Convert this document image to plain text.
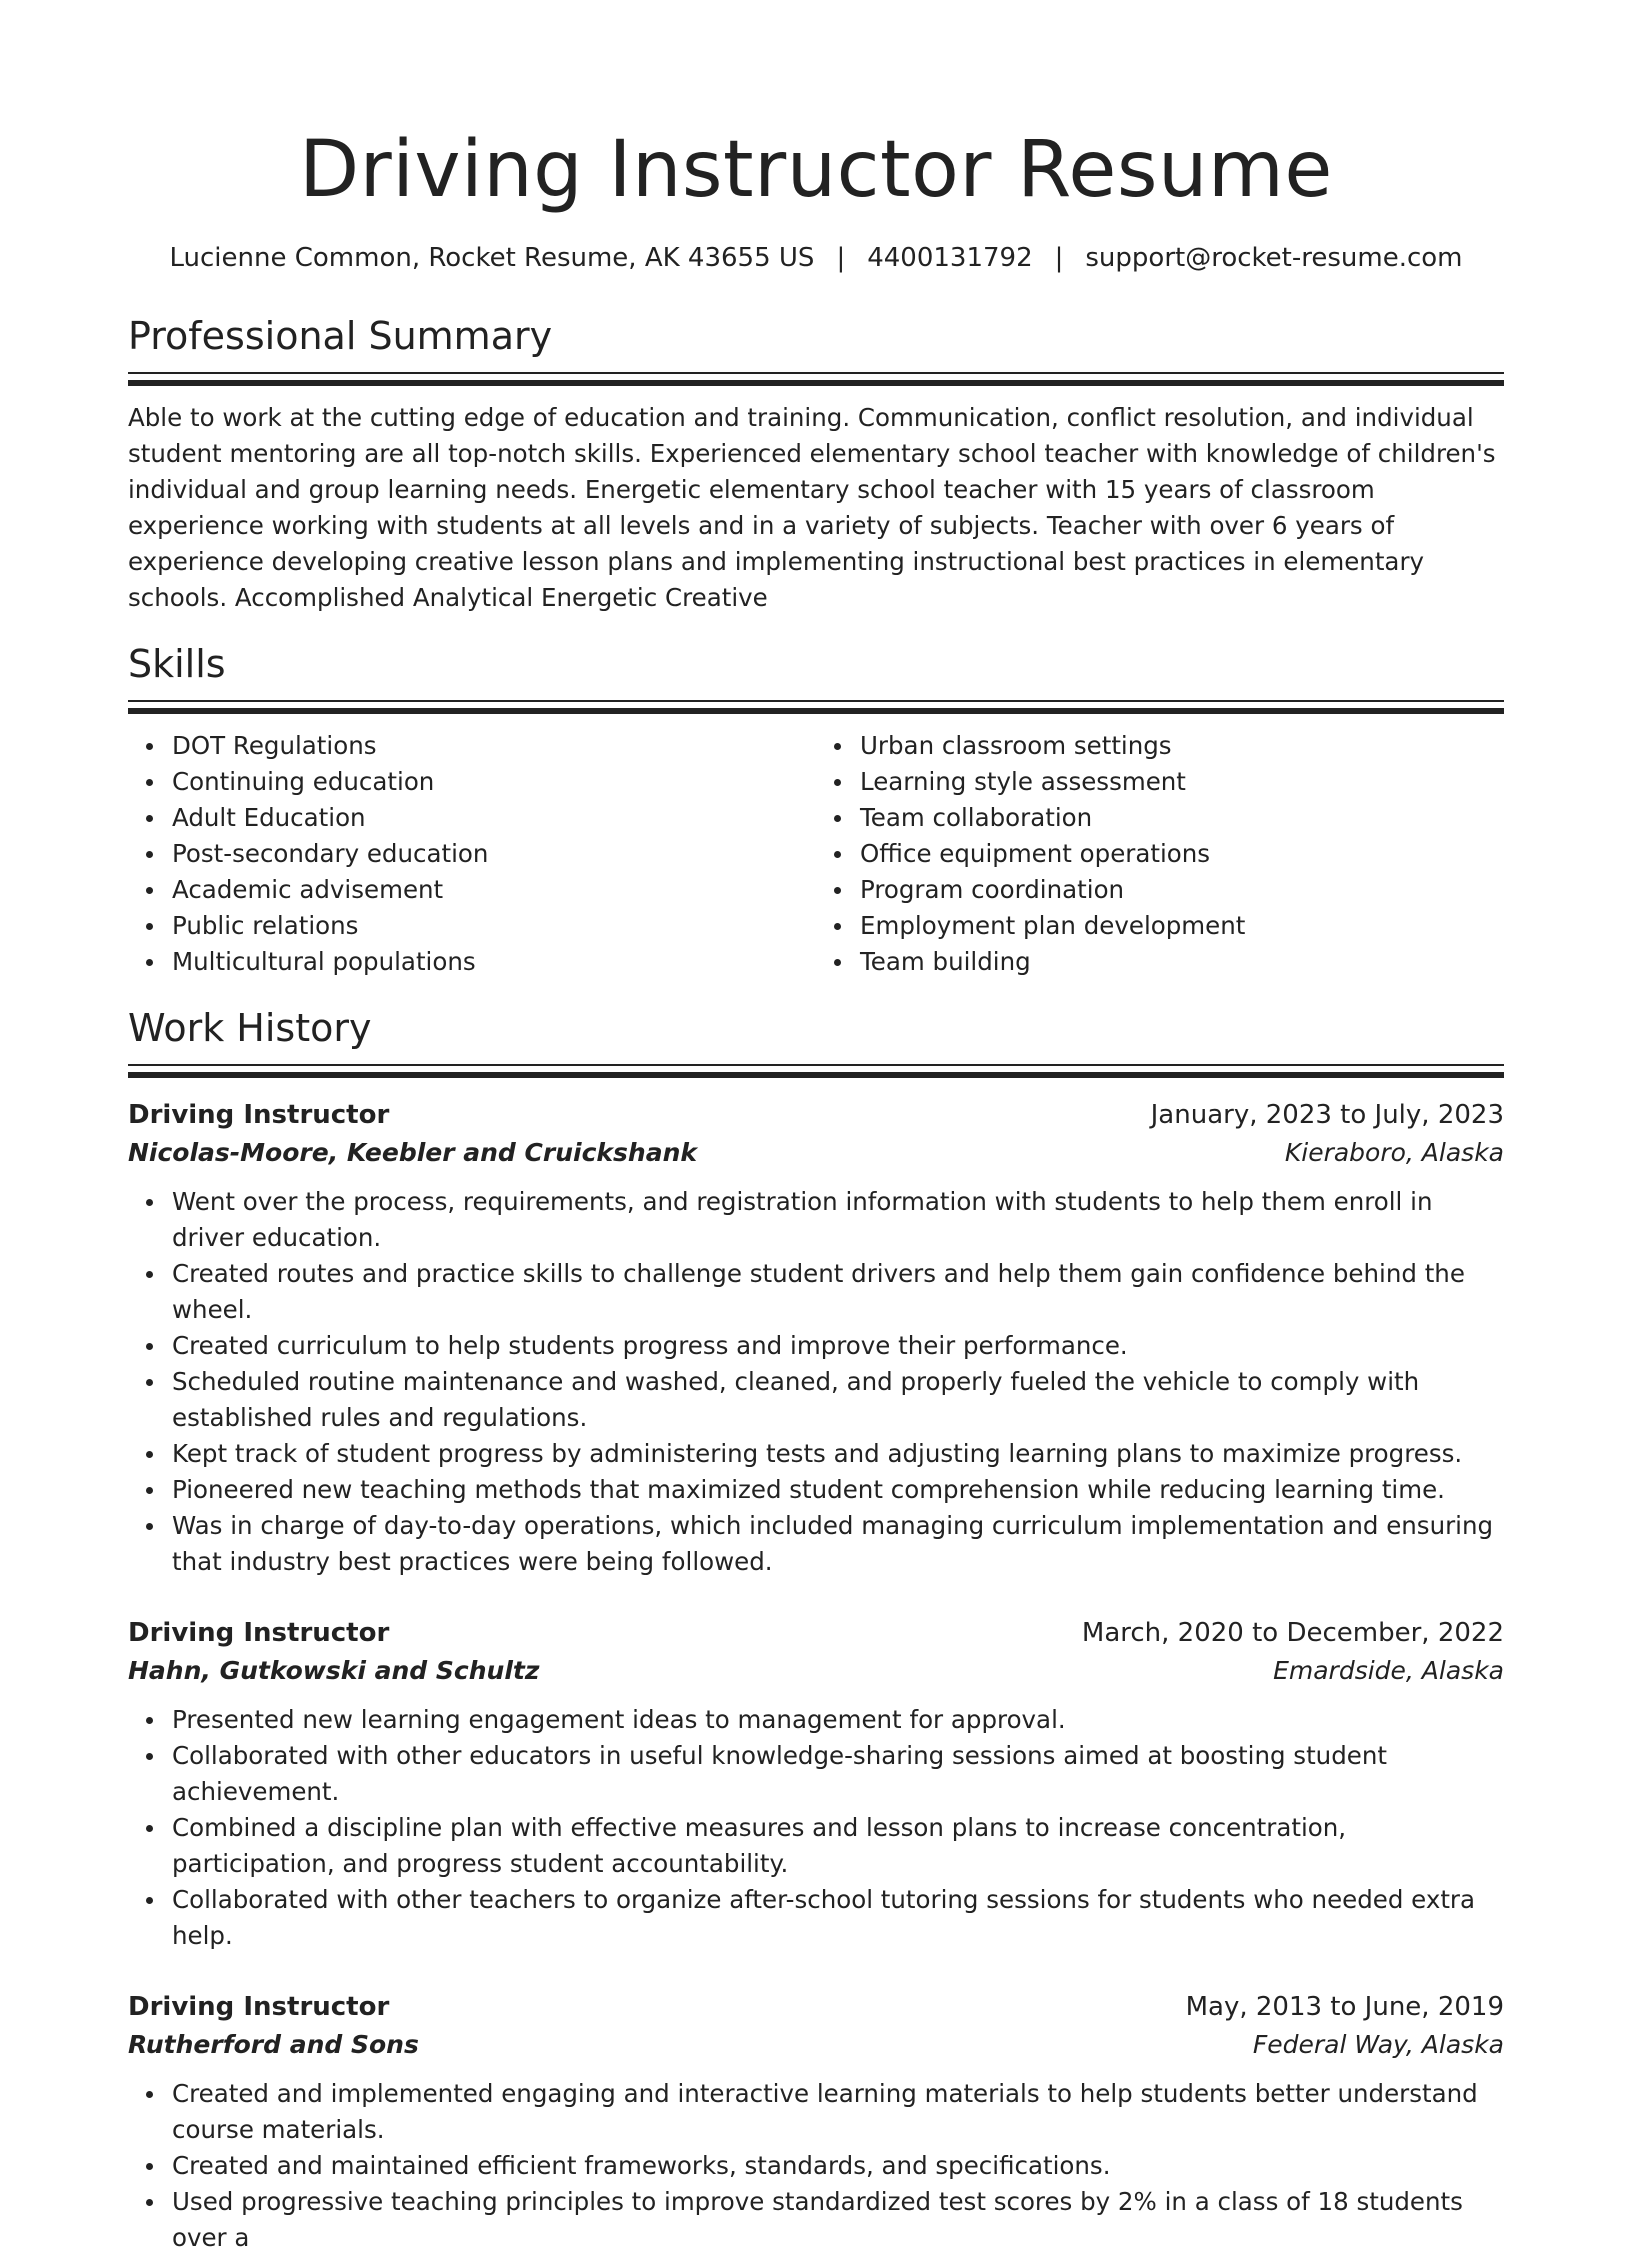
Driving Instructor Resume
Lucienne Common, Rocket Resume, AK 43655 US | 4400131792 | support@rocket-resume.com
Professional Summary

Able to work at the cutting edge of education and training. Communication, conflict resolution, and individual student mentoring are all top-notch skills. Experienced elementary school teacher with knowledge of children's individual and group learning needs. Energetic elementary school teacher with 15 years of classroom experience working with students at all levels and in a variety of subjects. Teacher with over 6 years of experience developing creative lesson plans and implementing instructional best practices in elementary schools. Accomplished Analytical Energetic Creative

Skills
DOT Regulations
Continuing education
Adult Education
Post-secondary education
Academic advisement
Public relations
Multicultural populations
Urban classroom settings
Learning style assessment
Team collaboration
Office equipment operations
Program coordination
Employment plan development
Team building
Work History
Driving Instructor	January, 2023 to July, 2023
Nicolas-Moore, Keebler and Cruickshank	Kieraboro, Alaska
Went over the process, requirements, and registration information with students to help them enroll in driver education.
Created routes and practice skills to challenge student drivers and help them gain confidence behind the wheel.
Created curriculum to help students progress and improve their performance.
Scheduled routine maintenance and washed, cleaned, and properly fueled the vehicle to comply with established rules and regulations.
Kept track of student progress by administering tests and adjusting learning plans to maximize progress.
Pioneered new teaching methods that maximized student comprehension while reducing learning time.
Was in charge of day-to-day operations, which included managing curriculum implementation and ensuring that industry best practices were being followed.
Driving Instructor	March, 2020 to December, 2022
Hahn, Gutkowski and Schultz	Emardside, Alaska
Presented new learning engagement ideas to management for approval.
Collaborated with other educators in useful knowledge-sharing sessions aimed at boosting student achievement.
Combined a discipline plan with effective measures and lesson plans to increase concentration, participation, and progress student accountability.
Collaborated with other teachers to organize after-school tutoring sessions for students who needed extra help.
Driving Instructor	May, 2013 to June, 2019
Rutherford and Sons	Federal Way, Alaska
Created and implemented engaging and interactive learning materials to help students better understand course materials.
Created and maintained efficient frameworks, standards, and specifications.
Used progressive teaching principles to improve standardized test scores by 2% in a class of 18 students over a
